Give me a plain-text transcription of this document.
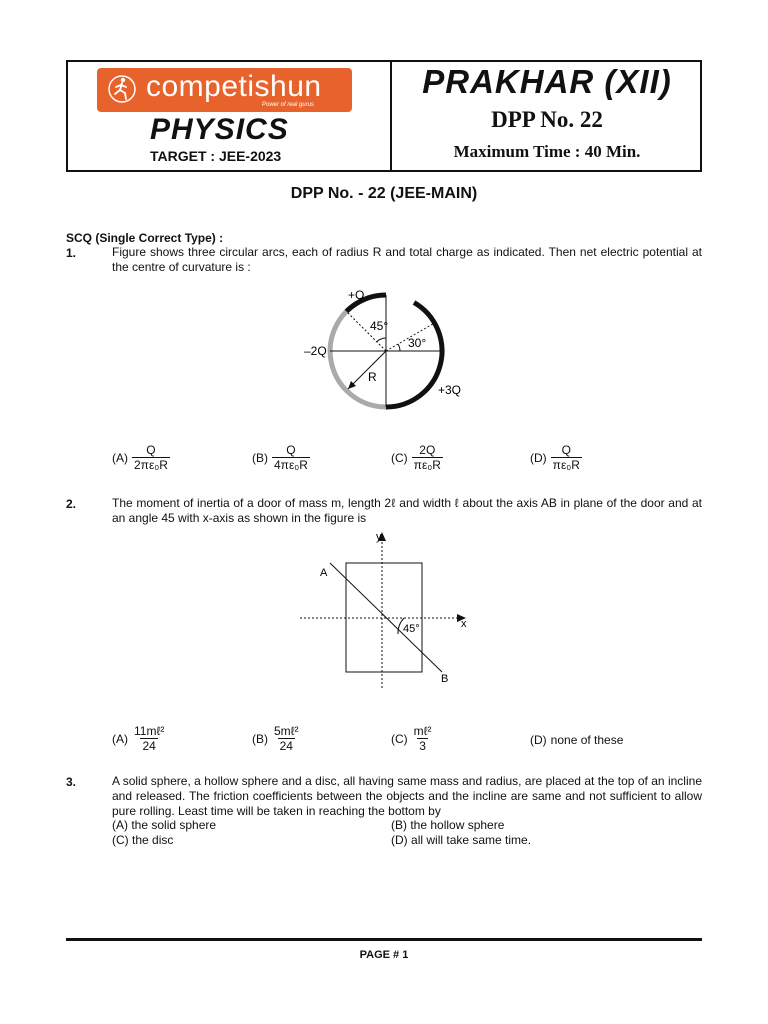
competishun
Power of real gurus
PHYSICS
TARGET : JEE-2023
PRAKHAR (XII)
DPP No. 22
Maximum Time : 40 Min.
DPP No. - 22 (JEE-MAIN)
SCQ (Single Correct Type) :
1.	Figure shows three circular arcs, each of radius R and total charge as indicated. Then net electric potential at the centre of curvature is :
+Q
45°
30°
–2Q
R
+3Q
$(A) \frac{Q}{\text{2πε₀R}}$	$(B) \frac{Q}{\text{4πε₀R}}$	$(C) \frac{2Q}{\text{πε₀R}}$	$(D) \frac{Q}{\text{πε₀R}}$
2.	The moment of inertia of a door of mass m, length 2ℓ and width ℓ about the axis AB in plane of the door and at an angle 45 with x-axis as shown in the figure is
y
x
A
B
45°
$(A) \frac{\text{11mℓ²}}{24}$	$(B) \frac{\text{5mℓ²}}{24}$	$(C) \frac{\text{mℓ²}}{3}$	(D) none of these
3.	A solid sphere, a hollow sphere and a disc, all having same mass and radius, are placed at the top of an incline and released. The friction coefficients between the objects and the incline are same and not sufficient to allow pure rolling. Least time will be taken in reaching the bottom by
(A) the solid sphere	(B) the hollow sphere
(C) the disc	(D) all will take same time.
PAGE # 1
